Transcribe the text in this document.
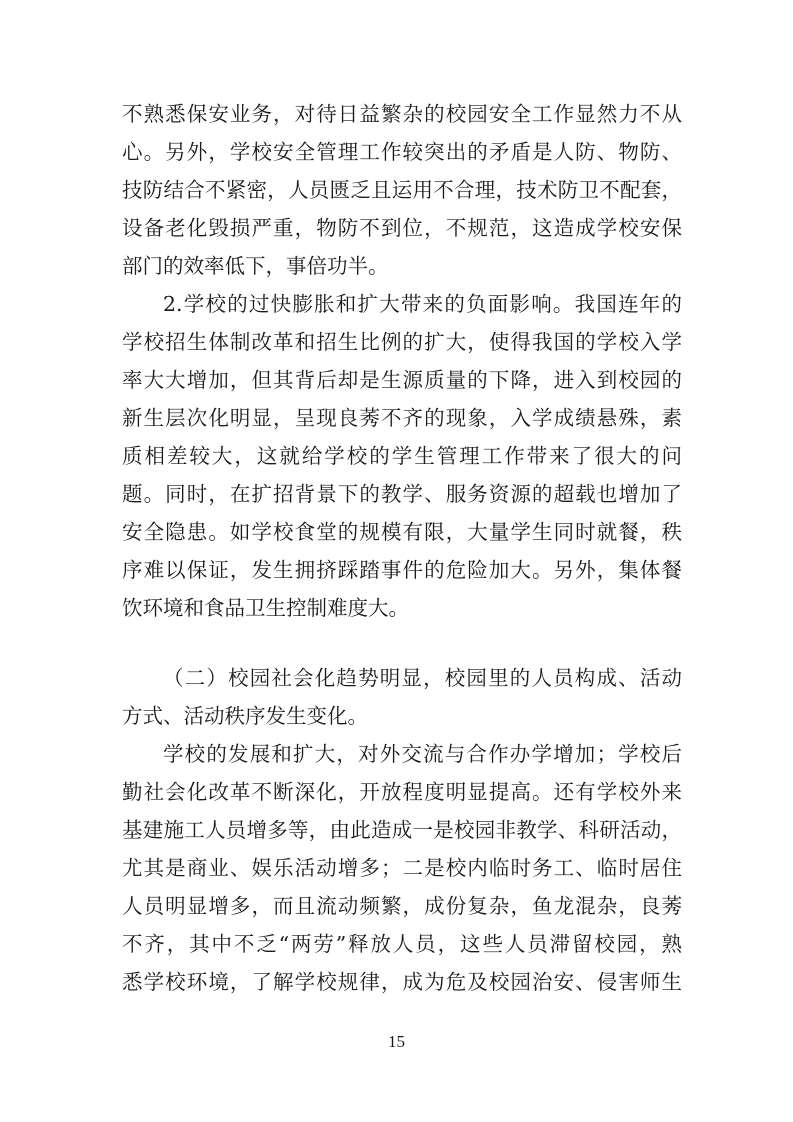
不熟悉保安业务，对待日益繁杂的校园安全工作显然力不从
心。另外，学校安全管理工作较突出的矛盾是人防、物防、
技防结合不紧密，人员匮乏且运用不合理，技术防卫不配套，
设备老化毁损严重，物防不到位，不规范，这造成学校安保
部门的效率低下，事倍功半。
2.学校的过快膨胀和扩大带来的负面影响。我国连年的
学校招生体制改革和招生比例的扩大，使得我国的学校入学
率大大增加，但其背后却是生源质量的下降，进入到校园的
新生层次化明显，呈现良莠不齐的现象，入学成绩悬殊，素
质相差较大，这就给学校的学生管理工作带来了很大的问
题。同时，在扩招背景下的教学、服务资源的超载也增加了
安全隐患。如学校食堂的规模有限，大量学生同时就餐，秩
序难以保证，发生拥挤踩踏事件的危险加大。另外，集体餐
饮环境和食品卫生控制难度大。
（二）校园社会化趋势明显，校园里的人员构成、活动
方式、活动秩序发生变化。
学校的发展和扩大，对外交流与合作办学增加；学校后
勤社会化改革不断深化，开放程度明显提高。还有学校外来
基建施工人员增多等，由此造成一是校园非教学、科研活动，
尤其是商业、娱乐活动增多；二是校内临时务工、临时居住
人员明显增多，而且流动频繁，成份复杂，鱼龙混杂，良莠
不齐，其中不乏“两劳”释放人员，这些人员滞留校园，熟
悉学校环境，了解学校规律，成为危及校园治安、侵害师生
15
